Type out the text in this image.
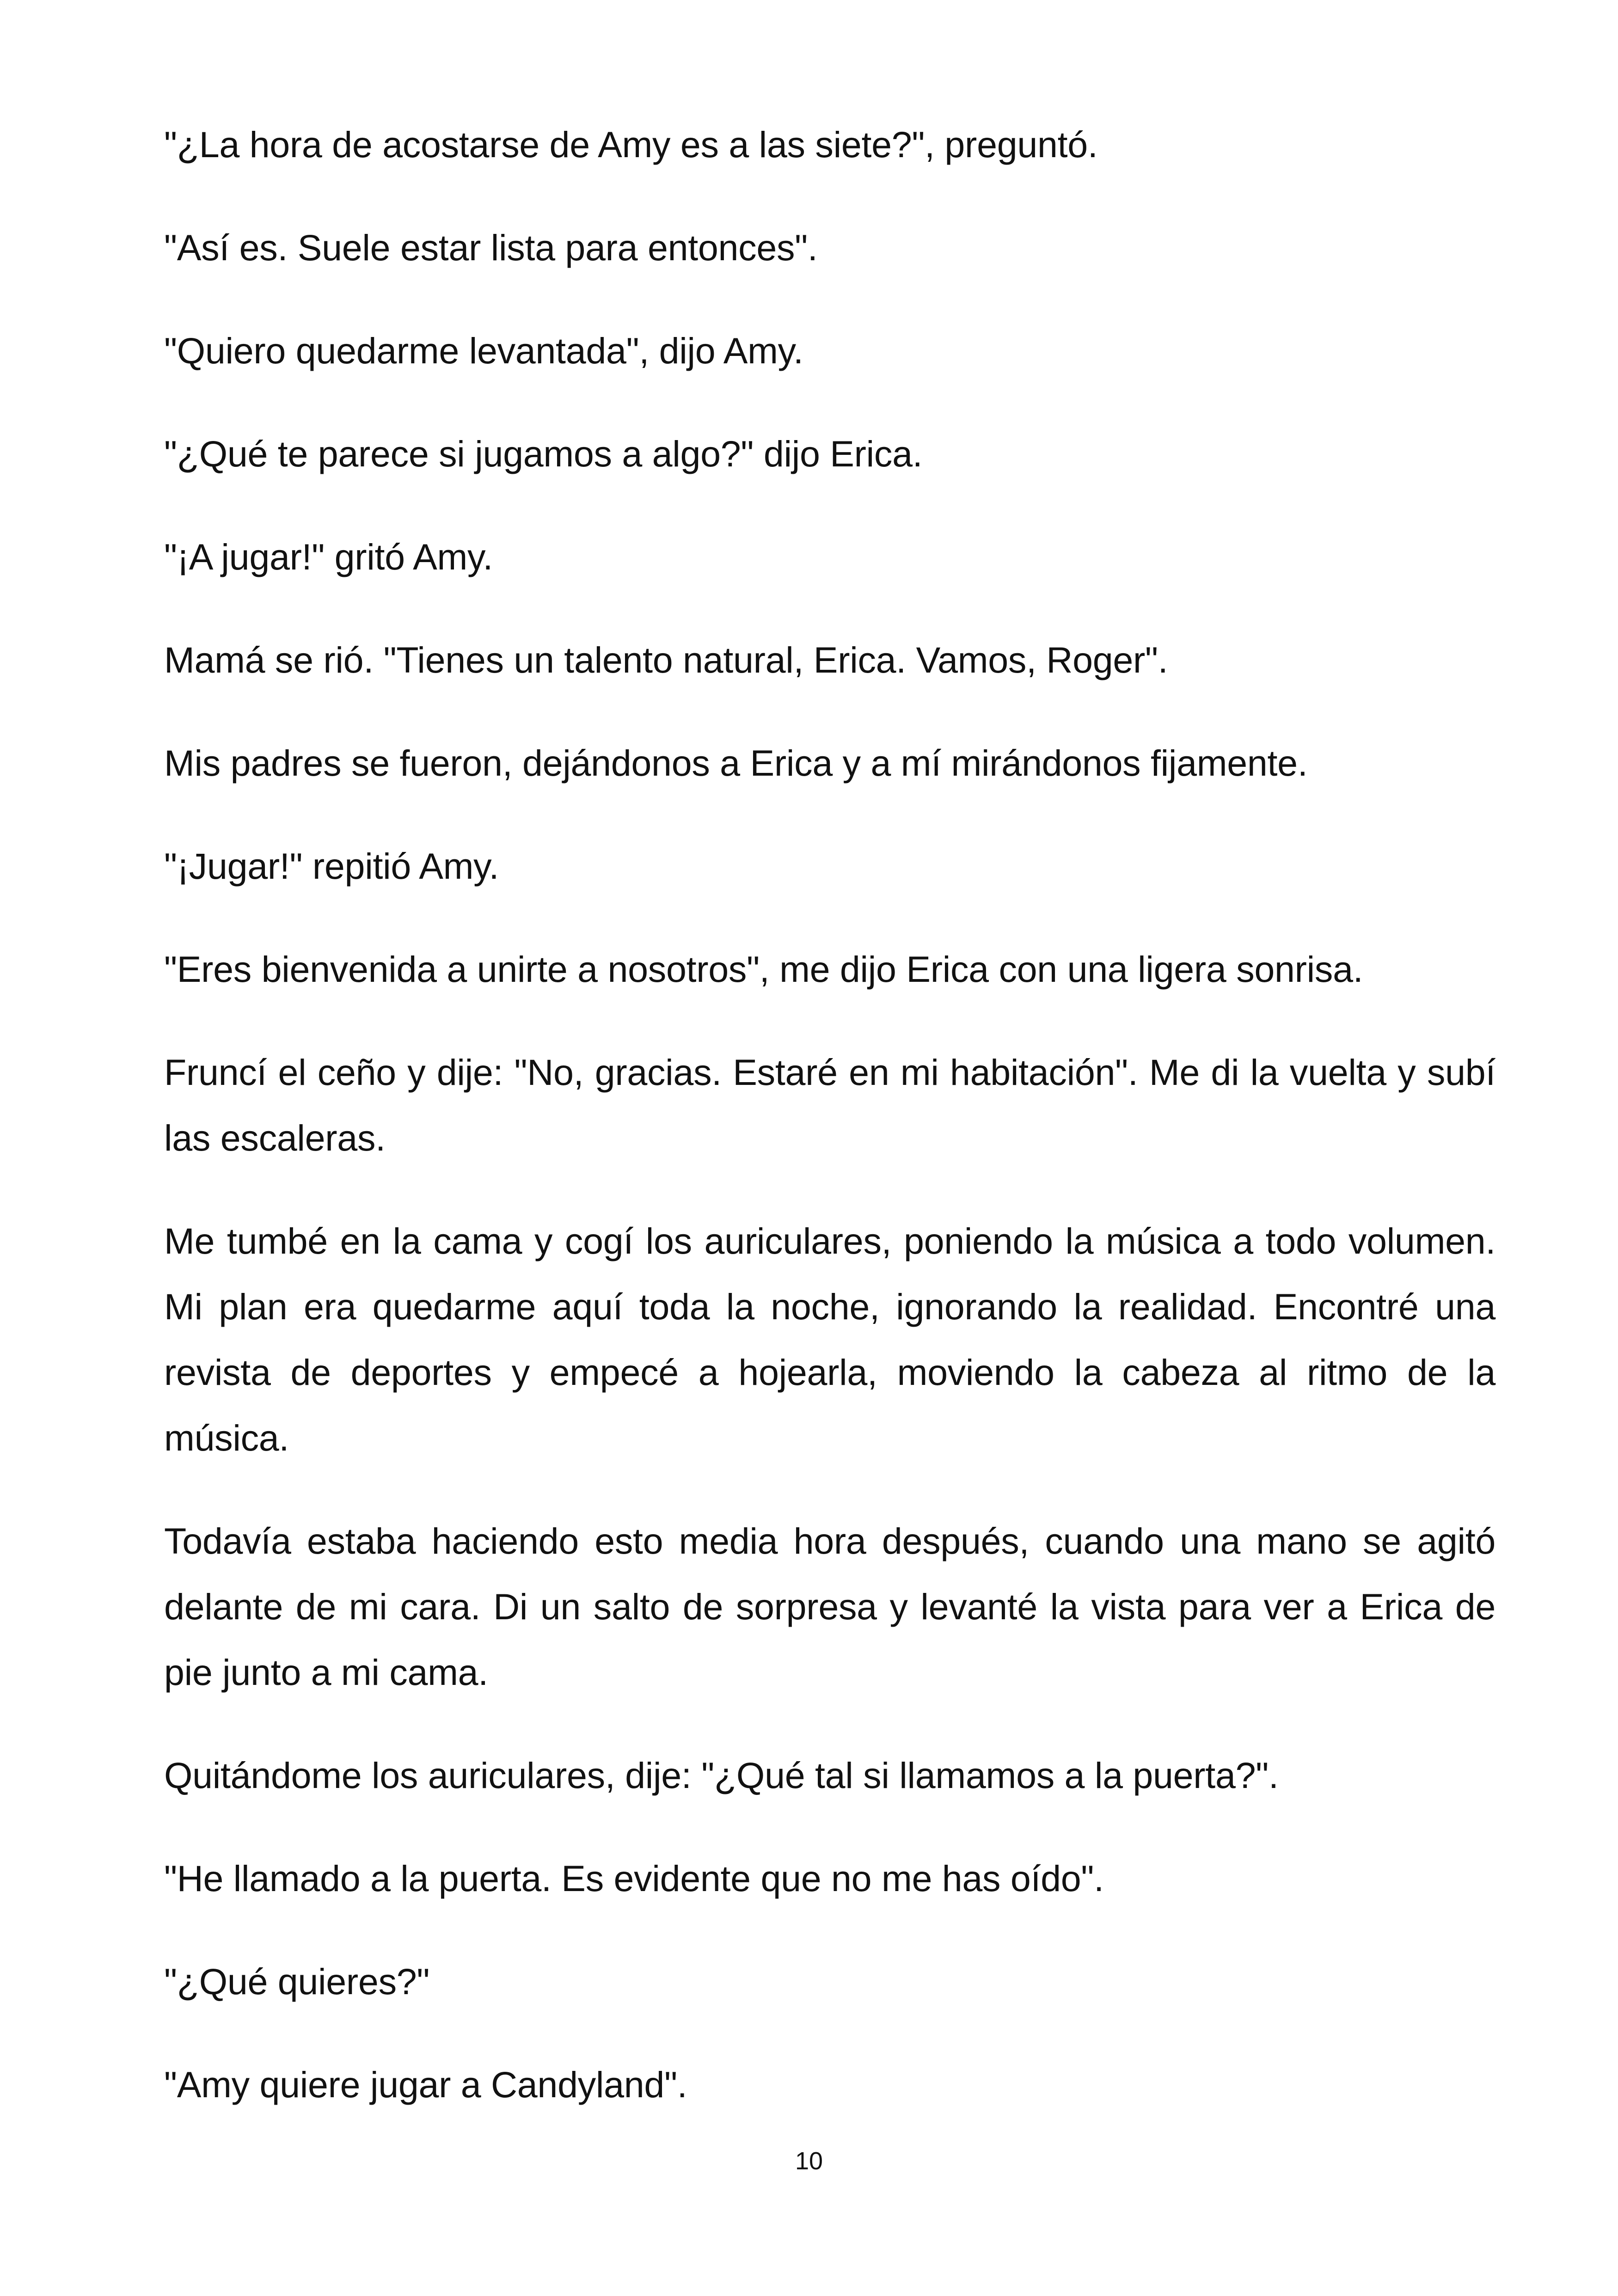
"¿La hora de acostarse de Amy es a las siete?", preguntó.

"Así es. Suele estar lista para entonces".

"Quiero quedarme levantada", dijo Amy.

"¿Qué te parece si jugamos a algo?" dijo Erica.

"¡A jugar!" gritó Amy.

Mamá se rió. "Tienes un talento natural, Erica. Vamos, Roger".

Mis padres se fueron, dejándonos a Erica y a mí mirándonos fijamente.

"¡Jugar!" repitió Amy.

"Eres bienvenida a unirte a nosotros", me dijo Erica con una ligera sonrisa.

Fruncí el ceño y dije: "No, gracias. Estaré en mi habitación". Me di la vuelta y subí las escaleras.

Me tumbé en la cama y cogí los auriculares, poniendo la música a todo volumen. Mi plan era quedarme aquí toda la noche, ignorando la realidad. Encontré una revista de deportes y empecé a hojearla, moviendo la cabeza al ritmo de la música.

Todavía estaba haciendo esto media hora después, cuando una mano se agitó delante de mi cara. Di un salto de sorpresa y levanté la vista para ver a Erica de pie junto a mi cama.

Quitándome los auriculares, dije: "¿Qué tal si llamamos a la puerta?".

"He llamado a la puerta. Es evidente que no me has oído".

"¿Qué quieres?"

"Amy quiere jugar a Candyland".

10
